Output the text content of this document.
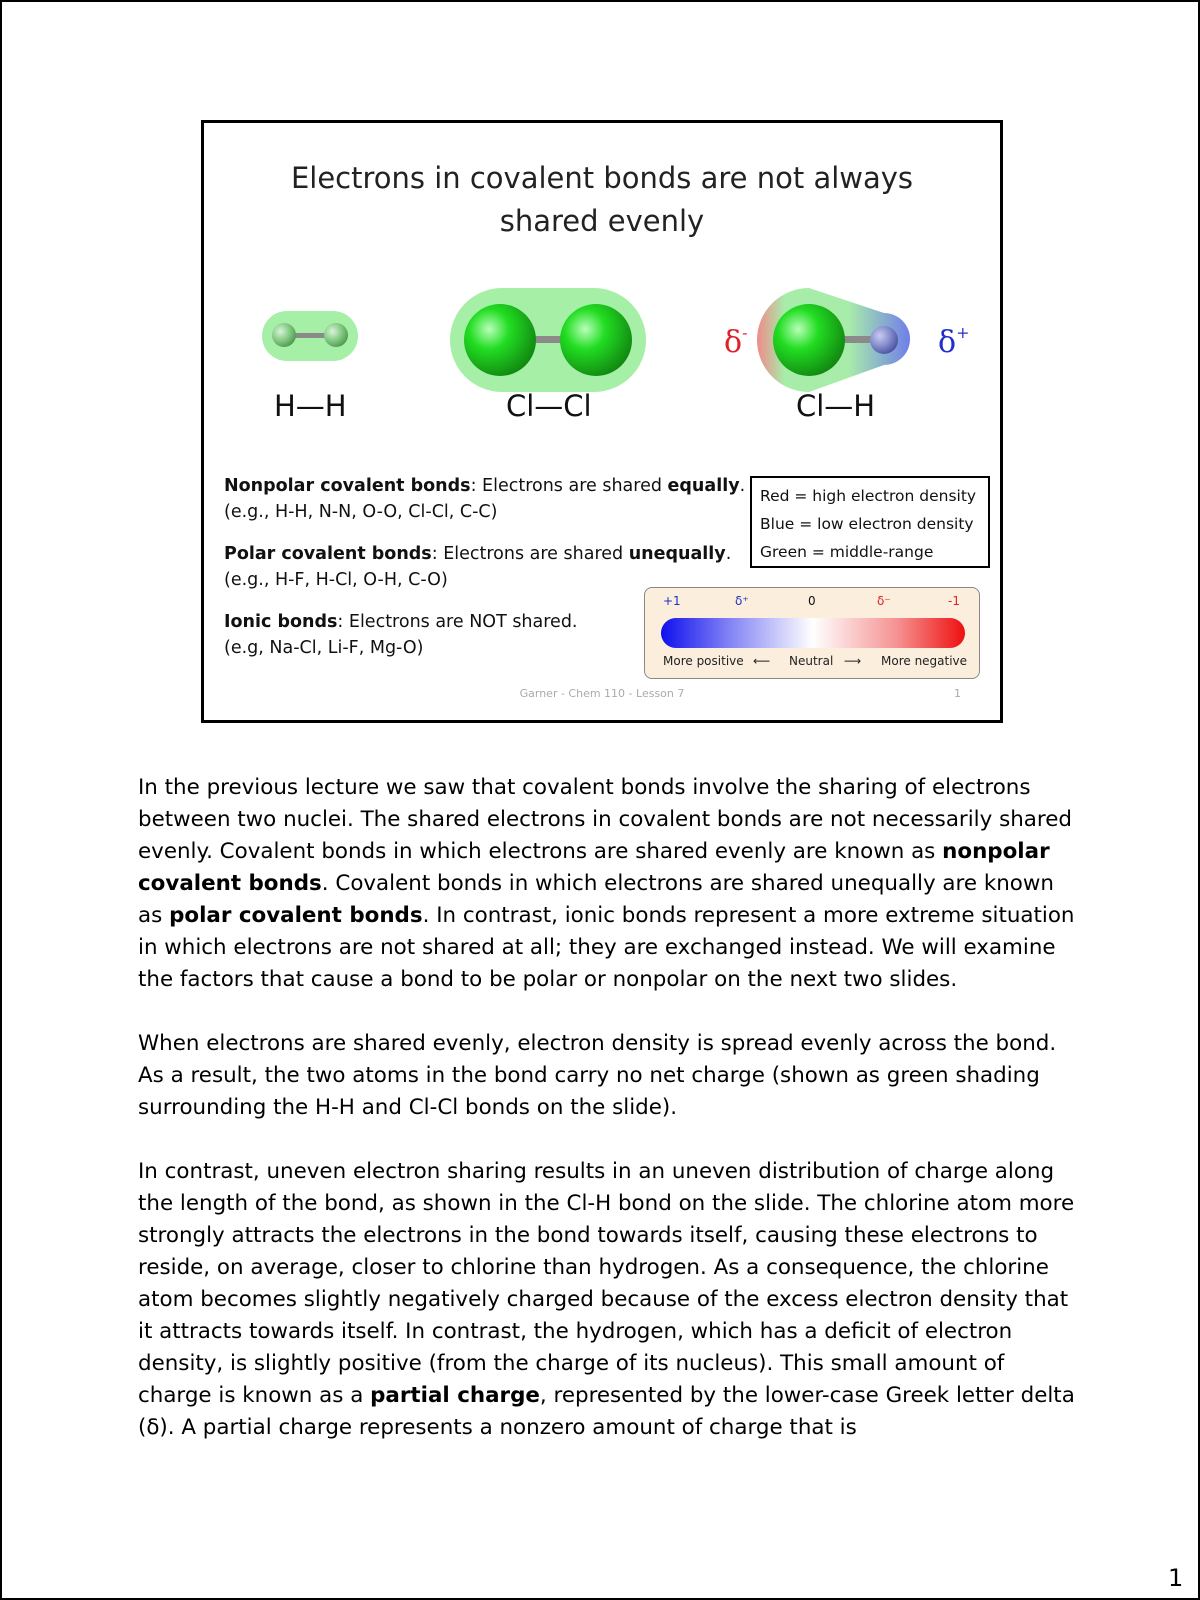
Electrons in covalent bonds are not always
shared evenly
δ-	δ+
H—H	Cl—Cl	Cl—H
Nonpolar covalent bonds: Electrons are shared equally.
(e.g., H-H, N-N, O-O, Cl-Cl, C-C)
Polar covalent bonds: Electrons are shared unequally.
(e.g., H-F, H-Cl, O-H, C-O)
Ionic bonds: Electrons are NOT shared.
(e.g, Na-Cl, Li-F, Mg-O)
Red = high electron density
Blue = low electron density
Green = middle-range
+1	δ⁺	0	δ⁻	-1
More positive ⟵ Neutral ⟶ More negative
Garner - Chem 110 - Lesson 7	1

In the previous lecture we saw that covalent bonds involve the sharing of electrons between two nuclei. The shared electrons in covalent bonds are not necessarily shared evenly. Covalent bonds in which electrons are shared evenly are known as nonpolar covalent bonds. Covalent bonds in which electrons are shared unequally are known as polar covalent bonds. In contrast, ionic bonds represent a more extreme situation in which electrons are not shared at all; they are exchanged instead. We will examine the factors that cause a bond to be polar or nonpolar on the next two slides.

When electrons are shared evenly, electron density is spread evenly across the bond. As a result, the two atoms in the bond carry no net charge (shown as green shading surrounding the H-H and Cl-Cl bonds on the slide).

In contrast, uneven electron sharing results in an uneven distribution of charge along the length of the bond, as shown in the Cl-H bond on the slide. The chlorine atom more strongly attracts the electrons in the bond towards itself, causing these electrons to reside, on average, closer to chlorine than hydrogen. As a consequence, the chlorine atom becomes slightly negatively charged because of the excess electron density that it attracts towards itself. In contrast, the hydrogen, which has a deficit of electron density, is slightly positive (from the charge of its nucleus). This small amount of charge is known as a partial charge, represented by the lower-case Greek letter delta (δ). A partial charge represents a nonzero amount of charge that is

1
